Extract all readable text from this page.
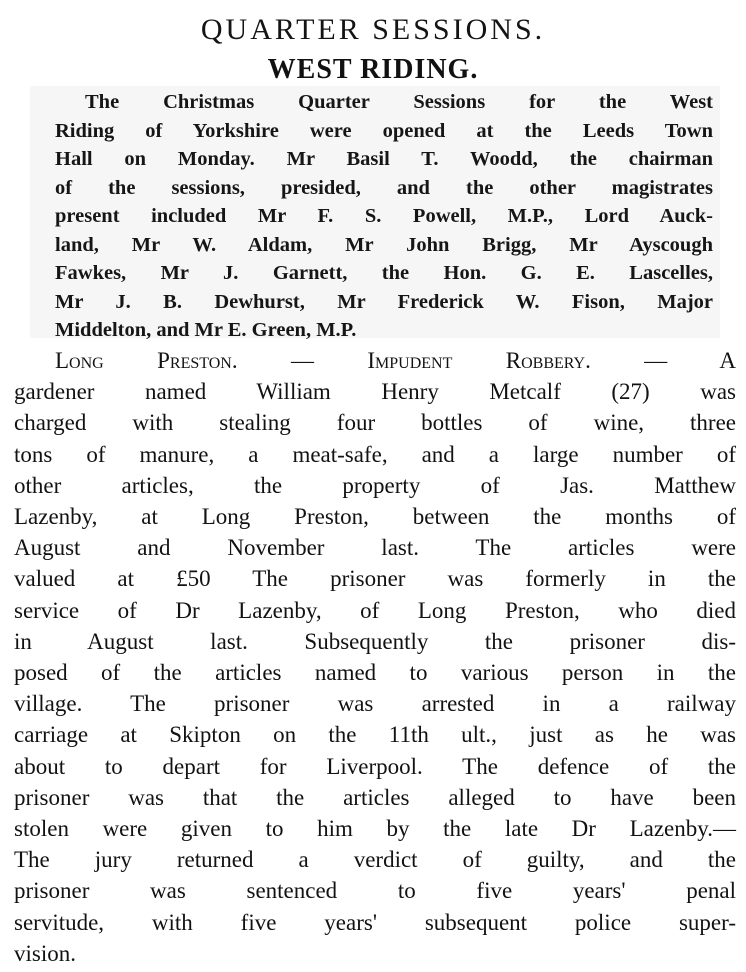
QUARTER SESSIONS.
WEST RIDING.
The Christmas Quarter Sessions for the West
Riding of Yorkshire were opened at the Leeds Town
Hall on Monday. Mr Basil T. Woodd, the chairman
of the sessions, presided, and the other magistrates
present included Mr F. S. Powell, M.P., Lord Auck-
land, Mr W. Aldam, Mr John Brigg, Mr Ayscough
Fawkes, Mr J. Garnett, the Hon. G. E. Lascelles,
Mr J. B. Dewhurst, Mr Frederick W. Fison, Major
Middelton, and Mr E. Green, M.P.
Long Preston. — Impudent Robbery. — A
gardener named William Henry Metcalf (27) was
charged with stealing four bottles of wine, three
tons of manure, a meat-safe, and a large number of
other articles, the property of Jas. Matthew
Lazenby, at Long Preston, between the months of
August and November last. The articles were
valued at £50 The prisoner was formerly in the
service of Dr Lazenby, of Long Preston, who died
in August last. Subsequently the prisoner dis-
posed of the articles named to various person in the
village. The prisoner was arrested in a railway
carriage at Skipton on the 11th ult., just as he was
about to depart for Liverpool. The defence of the
prisoner was that the articles alleged to have been
stolen were given to him by the late Dr Lazenby.—
The jury returned a verdict of guilty, and the
prisoner was sentenced to five years' penal
servitude, with five years' subsequent police super-
vision.
